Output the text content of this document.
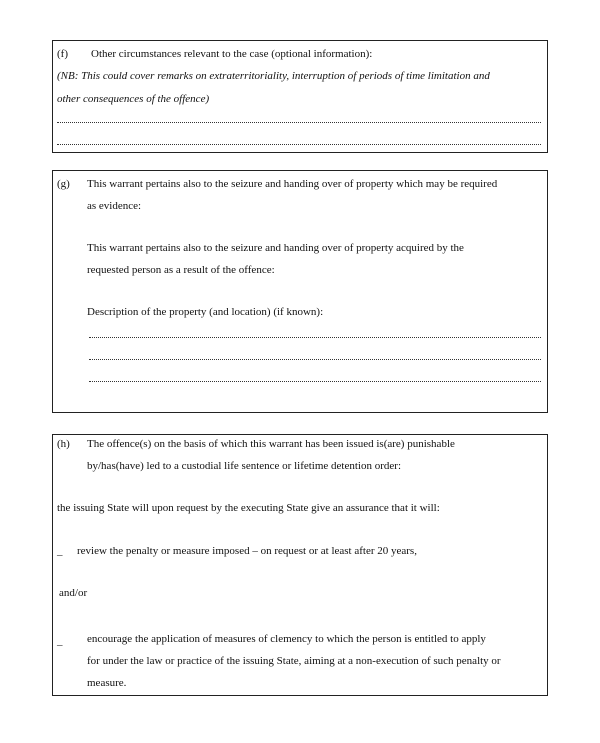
(f) Other circumstances relevant to the case (optional information):
(NB: This could cover remarks on extraterritoriality, interruption of periods of time limitation and
other consequences of the offence)
(g) This warrant pertains also to the seizure and handing over of property which may be required
as evidence:
This warrant pertains also to the seizure and handing over of property acquired by the
requested person as a result of the offence:
Description of the property (and location) (if known):
(h) The offence(s) on the basis of which this warrant has been issued is(are) punishable
by/has(have) led to a custodial life sentence or lifetime detention order:
the issuing State will upon request by the executing State give an assurance that it will:
_ review the penalty or measure imposed – on request or at least after 20 years,
and/or
_ encourage the application of measures of clemency to which the person is entitled to apply
for under the law or practice of the issuing State, aiming at a non-execution of such penalty or
measure.
